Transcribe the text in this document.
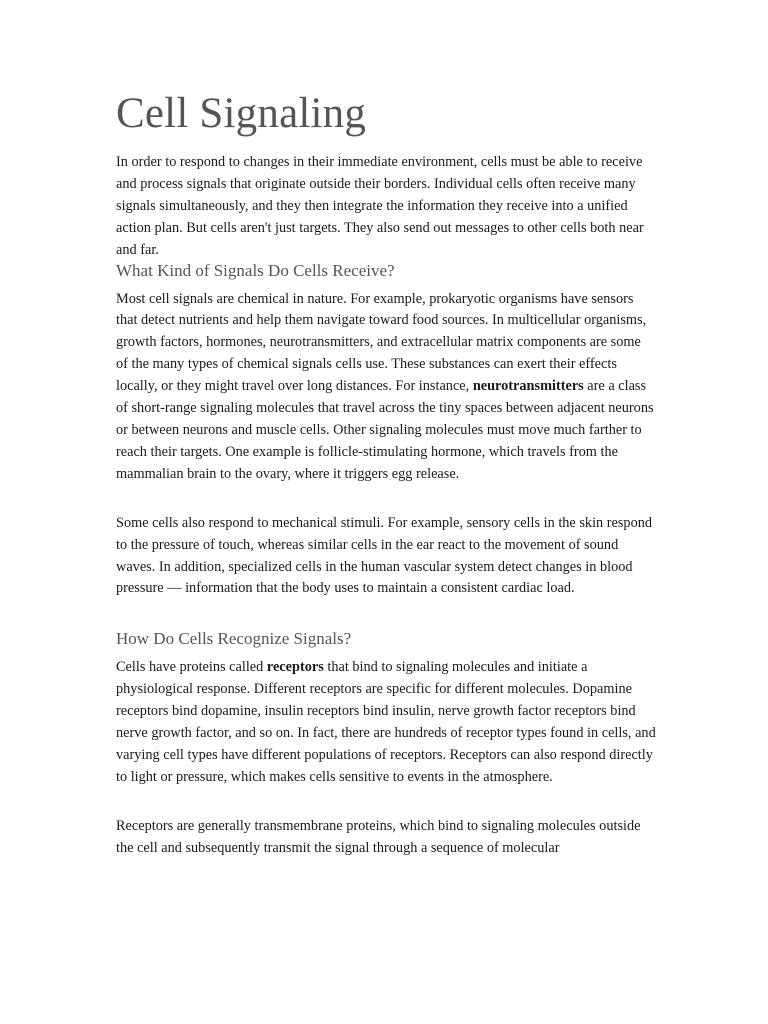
Cell Signaling

In order to respond to changes in their immediate environment, cells must be able to receive and process signals that originate outside their borders. Individual cells often receive many signals simultaneously, and they then integrate the information they receive into a unified action plan. But cells aren't just targets. They also send out messages to other cells both near and far.

What Kind of Signals Do Cells Receive?

Most cell signals are chemical in nature. For example, prokaryotic organisms have sensors that detect nutrients and help them navigate toward food sources. In multicellular organisms, growth factors, hormones, neurotransmitters, and extracellular matrix components are some of the many types of chemical signals cells use. These substances can exert their effects locally, or they might travel over long distances. For instance, neurotransmitters are a class of short-range signaling molecules that travel across the tiny spaces between adjacent neurons or between neurons and muscle cells. Other signaling molecules must move much farther to reach their targets. One example is follicle-stimulating hormone, which travels from the mammalian brain to the ovary, where it triggers egg release.

Some cells also respond to mechanical stimuli. For example, sensory cells in the skin respond to the pressure of touch, whereas similar cells in the ear react to the movement of sound waves. In addition, specialized cells in the human vascular system detect changes in blood pressure — information that the body uses to maintain a consistent cardiac load.

How Do Cells Recognize Signals?

Cells have proteins called receptors that bind to signaling molecules and initiate a physiological response. Different receptors are specific for different molecules. Dopamine receptors bind dopamine, insulin receptors bind insulin, nerve growth factor receptors bind nerve growth factor, and so on. In fact, there are hundreds of receptor types found in cells, and varying cell types have different populations of receptors. Receptors can also respond directly to light or pressure, which makes cells sensitive to events in the atmosphere.

Receptors are generally transmembrane proteins, which bind to signaling molecules outside the cell and subsequently transmit the signal through a sequence of molecular
